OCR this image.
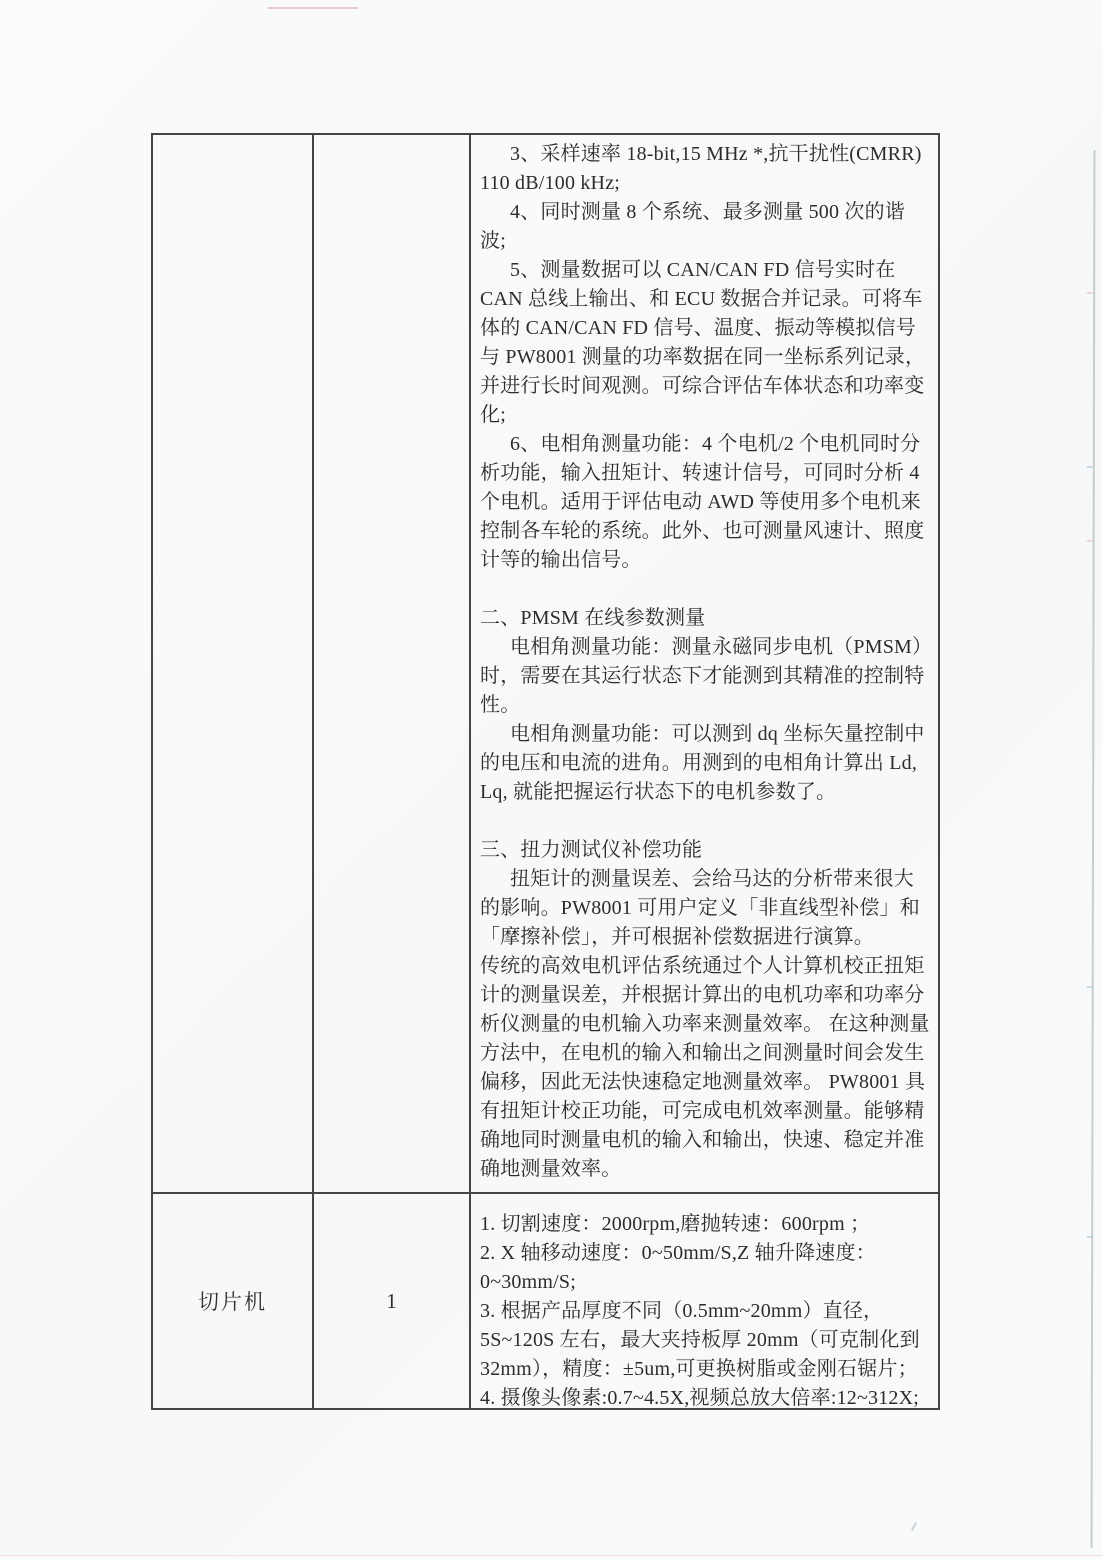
3、采样速率 18-bit,15 MHz *,抗干扰性(CMRR) 110 dB/100 kHz;

4、同时测量 8 个系统、最多测量 500 次的谐波;

5、测量数据可以 CAN/CAN FD 信号实时在 CAN 总线上输出、和 ECU 数据合并记录。可将车体的 CAN/CAN FD 信号、温度、振动等模拟信号与 PW8001 测量的功率数据在同一坐标系列记录，并进行长时间观测。可综合评估车体状态和功率变化;

6、电相角测量功能：4 个电机/2 个电机同时分析功能，输入扭矩计、转速计信号，可同时分析 4 个电机。适用于评估电动 AWD 等使用多个电机来控制各车轮的系统。此外、也可测量风速计、照度计等的输出信号。

二、PMSM 在线参数测量

电相角测量功能：测量永磁同步电机（PMSM）时，需要在其运行状态下才能测到其精准的控制特性。

电相角测量功能：可以测到 dq 坐标矢量控制中的电压和电流的进角。用测到的电相角计算出 Ld, Lq, 就能把握运行状态下的电机参数了。

三、扭力测试仪补偿功能

扭矩计的测量误差、会给马达的分析带来很大的影响。PW8001 可用户定义「非直线型补偿」和「摩擦补偿」，并可根据补偿数据进行演算。

传统的高效电机评估系统通过个人计算机校正扭矩计的测量误差，并根据计算出的电机功率和功率分析仪测量的电机输入功率来测量效率。 在这种测量方法中，在电机的输入和输出之间测量时间会发生偏移，因此无法快速稳定地测量效率。 PW8001 具有扭矩计校正功能，可完成电机效率测量。能够精确地同时测量电机的输入和输出，快速、稳定并准确地测量效率。

切片机	1

1. 切割速度：2000rpm,磨抛转速：600rpm ；

2. X 轴移动速度：0~50mm/S,Z 轴升降速度：0~30mm/S;

3. 根据产品厚度不同（0.5mm~20mm）直径，5S~120S 左右，最大夹持板厚 20mm（可克制化到 32mm），精度：±5um,可更换树脂或金刚石锯片；

4. 摄像头像素:0.7~4.5X,视频总放大倍率:12~312X;
